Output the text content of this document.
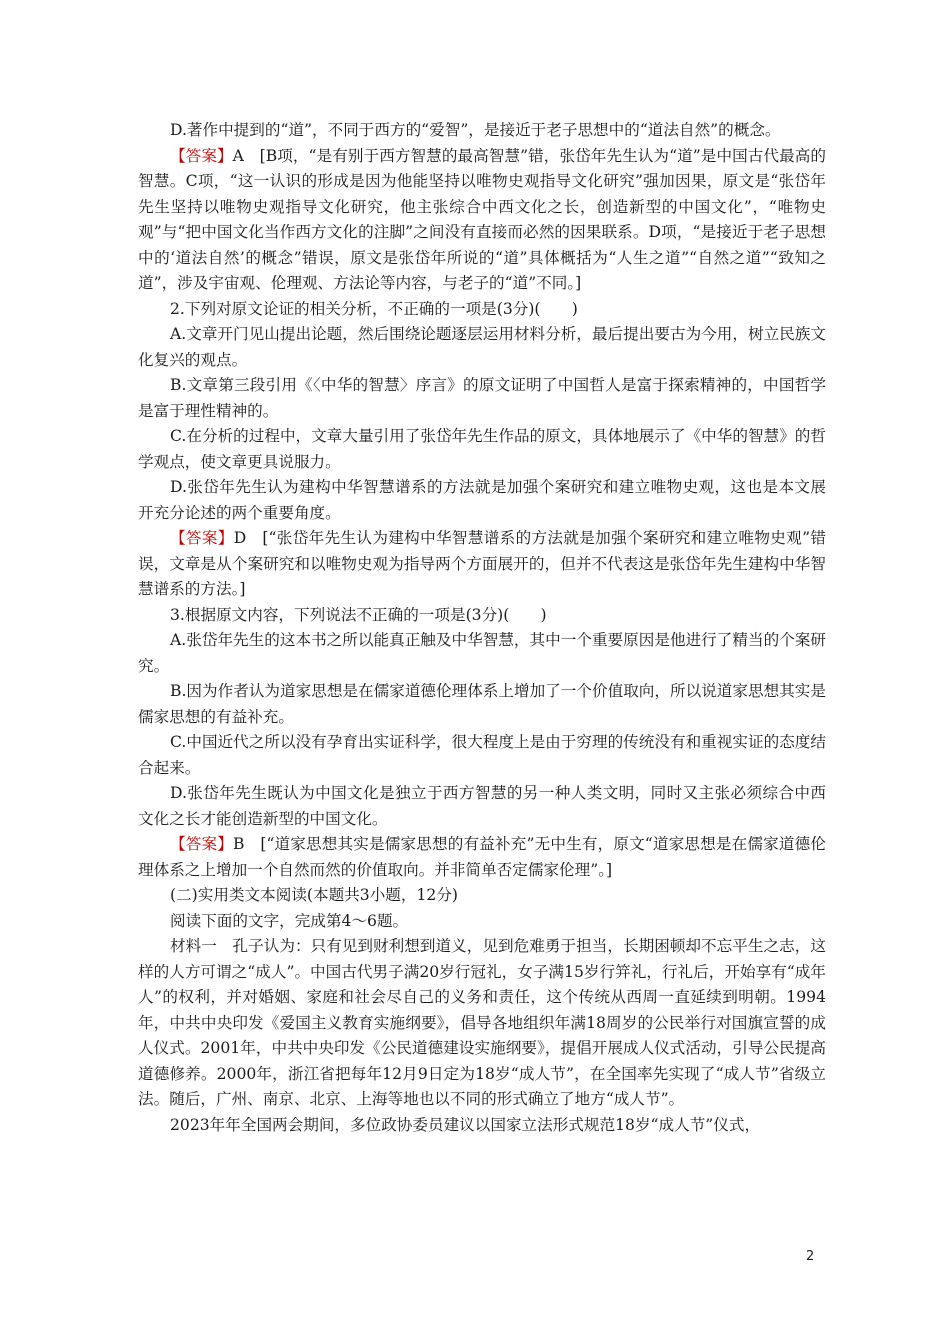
D.著作中提到的“道”，不同于西方的“爱智”，是接近于老子思想中的“道法自然”的概念。

【答案】A　[B项，“是有别于西方智慧的最高智慧”错，张岱年先生认为“道”是中国古代最高的智慧。C项，“这一认识的形成是因为他能坚持以唯物史观指导文化研究”强加因果，原文是“张岱年先生坚持以唯物史观指导文化研究，他主张综合中西文化之长，创造新型的中国文化”，“唯物史观”与“把中国文化当作西方文化的注脚”之间没有直接而必然的因果联系。D项，“是接近于老子思想中的‘道法自然’的概念”错误，原文是张岱年所说的“道”具体概括为“人生之道”“自然之道”“致知之道”，涉及宇宙观、伦理观、方法论等内容，与老子的“道”不同。]

2.下列对原文论证的相关分析，不正确的一项是(3分)(　　)

A.文章开门见山提出论题，然后围绕论题逐层运用材料分析，最后提出要古为今用，树立民族文化复兴的观点。

B.文章第三段引用《〈中华的智慧〉序言》的原文证明了中国哲人是富于探索精神的，中国哲学是富于理性精神的。

C.在分析的过程中，文章大量引用了张岱年先生作品的原文，具体地展示了《中华的智慧》的哲学观点，使文章更具说服力。

D.张岱年先生认为建构中华智慧谱系的方法就是加强个案研究和建立唯物史观，这也是本文展开充分论述的两个重要角度。

【答案】D　[“张岱年先生认为建构中华智慧谱系的方法就是加强个案研究和建立唯物史观”错误，文章是从个案研究和以唯物史观为指导两个方面展开的，但并不代表这是张岱年先生建构中华智慧谱系的方法。]

3.根据原文内容，下列说法不正确的一项是(3分)(　　)

A.张岱年先生的这本书之所以能真正触及中华智慧，其中一个重要原因是他进行了精当的个案研究。

B.因为作者认为道家思想是在儒家道德伦理体系上增加了一个价值取向，所以说道家思想其实是儒家思想的有益补充。

C.中国近代之所以没有孕育出实证科学，很大程度上是由于穷理的传统没有和重视实证的态度结合起来。

D.张岱年先生既认为中国文化是独立于西方智慧的另一种人类文明，同时又主张必须综合中西文化之长才能创造新型的中国文化。

【答案】B　[“道家思想其实是儒家思想的有益补充”无中生有，原文“道家思想是在儒家道德伦理体系之上增加一个自然而然的价值取向。并非简单否定儒家伦理”。]

(二)实用类文本阅读(本题共3小题，12分)

阅读下面的文字，完成第4～6题。

材料一　孔子认为：只有见到财利想到道义，见到危难勇于担当，长期困顿却不忘平生之志，这样的人方可谓之“成人”。中国古代男子满20岁行冠礼，女子满15岁行笄礼，行礼后，开始享有“成年人”的权利，并对婚姻、家庭和社会尽自己的义务和责任，这个传统从西周一直延续到明朝。1994年，中共中央印发《爱国主义教育实施纲要》，倡导各地组织年满18周岁的公民举行对国旗宣誓的成人仪式。2001年，中共中央印发《公民道德建设实施纲要》，提倡开展成人仪式活动，引导公民提高道德修养。2000年，浙江省把每年12月9日定为18岁“成人节”，在全国率先实现了“成人节”省级立法。随后，广州、南京、北京、上海等地也以不同的形式确立了地方“成人节”。

2023年年全国两会期间，多位政协委员建议以国家立法形式规范18岁“成人节”仪式，

2
